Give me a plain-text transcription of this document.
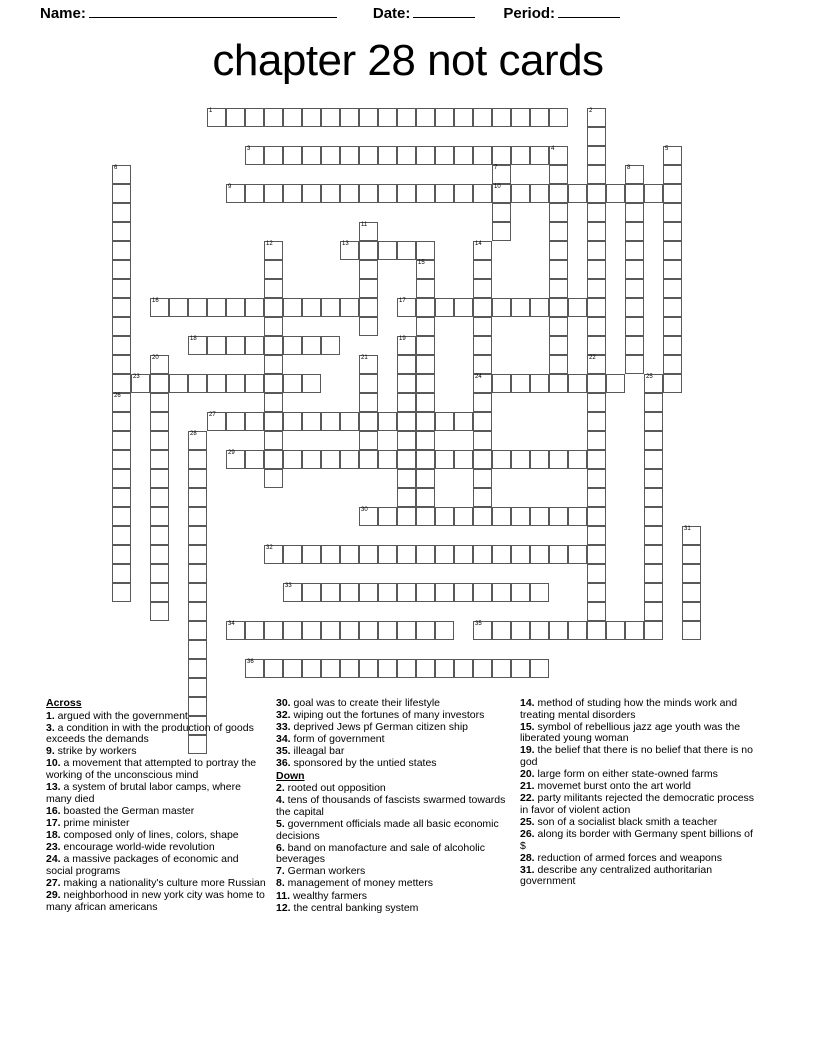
Name:	Date:	Period:
chapter 28 not cards
1	2
22
3	4	5
6
26
7
10
8
9
11
12	13	14
24
15
16	17
18	19
20	21
23	25
27
28
29
30
31
32
33
34	35
36
Across
1. argued with the government
3. a condition in with the production of goods exceeds the demands
9. strike by workers
10. a movement that attempted to portray the working of the unconscious mind
13. a system of brutal labor camps, where many died
16. boasted the German master
17. prime minister
18. composed only of lines, colors, shape
23. encourage world-wide revolution
24. a massive packages of economic and social programs
27. making a nationality's culture more Russian
29. neighborhood in new york city was home to many african americans
30. goal was to create their lifestyle
32. wiping out the fortunes of many investors
33. deprived Jews pf German citizen ship
34. form of government
35. illeagal bar
36. sponsored by the untied states
Down
2. rooted out opposition
4. tens of thousands of fascists swarmed towards the capital
5. government officials made all basic economic decisions
6. band on manofacture and sale of alcoholic beverages
7. German workers
8. management of money metters
11. wealthy farmers
12. the central banking system
14. method of studing how the minds work and treating mental disorders
15. symbol of rebellious jazz age youth was the liberated young woman
19. the belief that there is no belief that there is no god
20. large form on either state-owned farms
21. movemet burst onto the art world
22. party militants rejected the democratic process in favor of violent action
25. son of a socialist black smith a teacher
26. along its border with Germany spent billions of $
28. reduction of armed forces and weapons
31. describe any centralized authoritarian government
